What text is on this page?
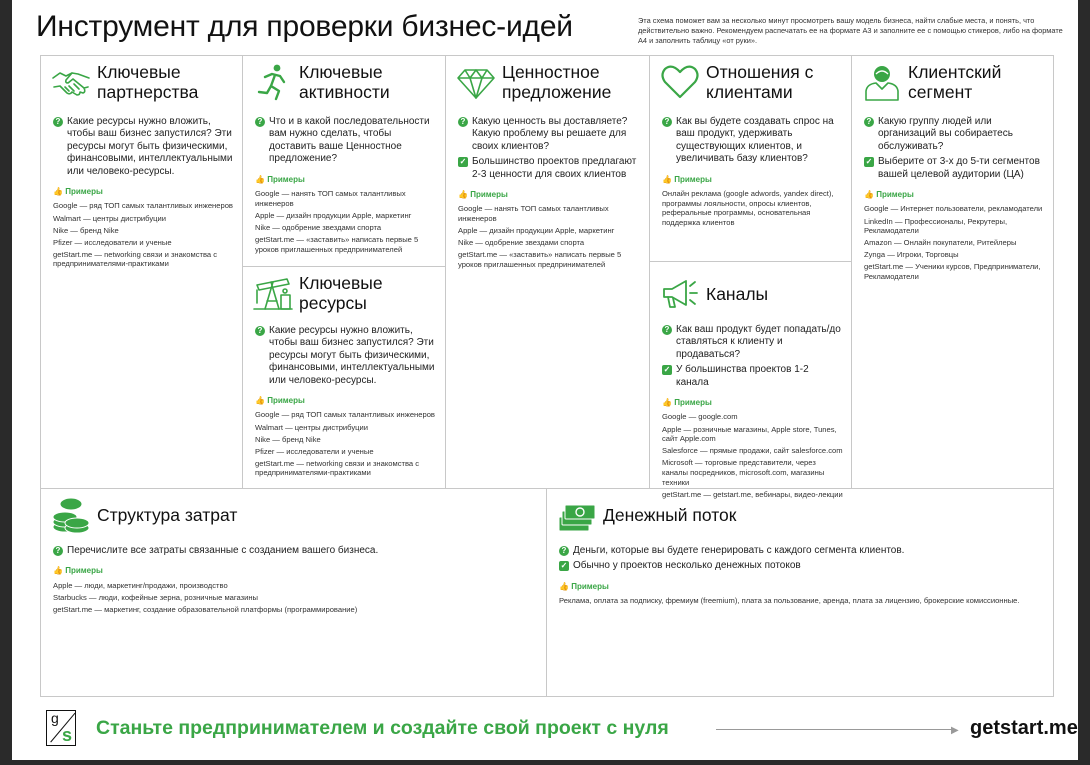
Инструмент для проверки бизнес-идей	Эта схема поможет вам за несколько минут просмотреть вашу модель бизнеса, найти слабые места, и понять, что действительно важно. Рекомендуем распечатать ее на формате А3 и заполните ее с помощью стикеров, либо на формате А4 и заполнить таблицу «от руки».
Ключевые партнерства
? Какие ресурсы нужно вложить, чтобы ваш бизнес запустился? Эти ресурсы могут быть физическими, финансовыми, интеллектуальными или человеко-ресурсы.
👍 Примеры
Google — ряд ТОП самых талантливых инженеров
Walmart — центры дистрибуции
Nike — бренд Nike
Pfizer — исследователи и ученые
getStart.me — networking связи и знакомства с предпринимателями-практиками
Ключевые активности
? Что и в какой последовательности вам нужно сделать, чтобы доставить ваше Ценностное предложение?
👍 Примеры
Google — нанять ТОП самых талантливых инженеров
Apple — дизайн продукции Apple, маркетинг
Nike — одобрение звездами спорта
getStart.me — «заставить» написать первые 5 уроков приглашенных предпринимателей
Ключевые ресурсы
? Какие ресурсы нужно вложить, чтобы ваш бизнес запустился? Эти ресурсы могут быть физическими, финансовыми, интеллектуальными или человеко-ресурсы.
👍 Примеры
Google — ряд ТОП самых талантливых инженеров
Walmart — центры дистрибуции
Nike — бренд Nike
Pfizer — исследователи и ученые
getStart.me — networking связи и знакомства с предпринимателями-практиками
Ценностное предложение
? Какую ценность вы доставляете? Какую проблему вы решаете для своих клиентов?
✓ Большинство проектов предлагают 2-3 ценности для своих клиентов
👍 Примеры
Google — нанять ТОП самых талантливых инженеров
Apple — дизайн продукции Apple, маркетинг
Nike — одобрение звездами спорта
getStart.me — «заставить» написать первые 5 уроков приглашенных предпринимателей
Отношения с клиентами
? Как вы будете создавать спрос на ваш продукт, удерживать существующих клиентов, и увеличивать базу клиентов?
👍 Примеры
Онлайн реклама (google adwords, yandex direct), программы лояльности, опросы клиентов, реферальные программы, основательная поддержка клиентов
Каналы
? Как ваш продукт будет попадать/до ставляться к клиенту и продаваться?
✓ У большинства проектов 1-2 канала
👍 Примеры
Google — google.com
Apple — розничные магазины, Apple store, Tunes, сайт Apple.com
Salesforce — прямые продажи, сайт salesforce.com
Microsoft — торговые представители, через каналы посредников, microsoft.com, магазины техники
getStart.me — getstart.me, вебинары, видео-лекции
Клиентский сегмент
? Какую группу людей или организаций вы собираетесь обслуживать?
✓ Выберите от 3-х до 5-ти сегментов вашей целевой аудитории (ЦА)
👍 Примеры
Google — Интернет пользователи, рекламодатели
LinkedIn — Профессионалы, Рекрутеры, Рекламодатели
Amazon — Онлайн покупатели, Ритейлеры
Zynga — Игроки, Торговцы
getStart.me — Ученики курсов, Предприниматели, Рекламодатели
Структура затрат
? Перечислите все затраты связанные с созданием вашего бизнеса.
👍 Примеры
Apple — люди, маркетинг/продажи, производство
Starbucks — люди, кофейные зерна, розничные магазины
getStart.me — маркетинг, создание образовательной платформы (программирование)
Денежный поток
? Деньги, которые вы будете генерировать с каждого сегмента клиентов.
✓ Обычно у проектов несколько денежных потоков
👍 Примеры
Реклама, оплата за подписку, фремиум (freemium), плата за пользование, аренда, плата за лицензию, брокерские комиссионные.
g
s Станьте предпринимателем и создайте свой проект с нуля	▶ getstart.me
